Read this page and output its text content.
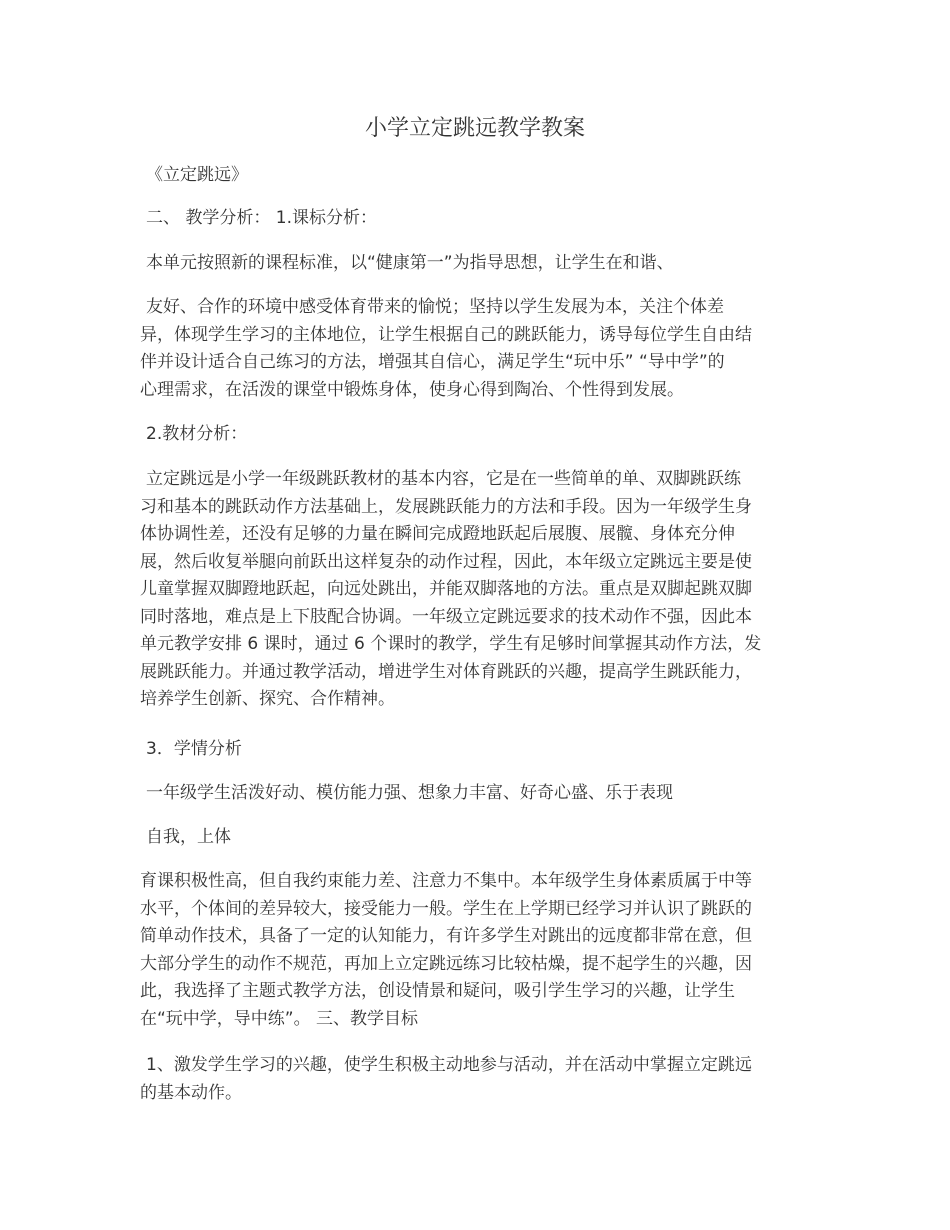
小学立定跳远教学教案
《立定跳远》
二、 教学分析： 1.课标分析：
本单元按照新的课程标准，以“健康第一”为指导思想，让学生在和谐、
友好、合作的环境中感受体育带来的愉悦；坚持以学生发展为本，关注个体差
异，体现学生学习的主体地位，让学生根据自己的跳跃能力，诱导每位学生自由结
伴并设计适合自己练习的方法，增强其自信心，满足学生“玩中乐” “导中学”的
心理需求，在活泼的课堂中锻炼身体，使身心得到陶冶、个性得到发展。
2.教材分析：
立定跳远是小学一年级跳跃教材的基本内容，它是在一些简单的单、双脚跳跃练
习和基本的跳跃动作方法基础上，发展跳跃能力的方法和手段。因为一年级学生身
体协调性差，还没有足够的力量在瞬间完成蹬地跃起后展腹、展髋、身体充分伸
展，然后收复举腿向前跃出这样复杂的动作过程，因此，本年级立定跳远主要是使
儿童掌握双脚蹬地跃起，向远处跳出，并能双脚落地的方法。重点是双脚起跳双脚
同时落地，难点是上下肢配合协调。一年级立定跳远要求的技术动作不强，因此本
单元教学安排 6 课时，通过 6 个课时的教学，学生有足够时间掌握其动作方法，发
展跳跃能力。并通过教学活动，增进学生对体育跳跃的兴趣，提高学生跳跃能力，
培养学生创新、探究、合作精神。
3．学情分析
一年级学生活泼好动、模仿能力强、想象力丰富、好奇心盛、乐于表现
自我，上体
育课积极性高，但自我约束能力差、注意力不集中。本年级学生身体素质属于中等
水平，个体间的差异较大，接受能力一般。学生在上学期已经学习并认识了跳跃的
简单动作技术，具备了一定的认知能力，有许多学生对跳出的远度都非常在意，但
大部分学生的动作不规范，再加上立定跳远练习比较枯燥，提不起学生的兴趣，因
此，我选择了主题式教学方法，创设情景和疑问，吸引学生学习的兴趣，让学生
在“玩中学，导中练”。 三、教学目标
1、激发学生学习的兴趣，使学生积极主动地参与活动，并在活动中掌握立定跳远
的基本动作。
